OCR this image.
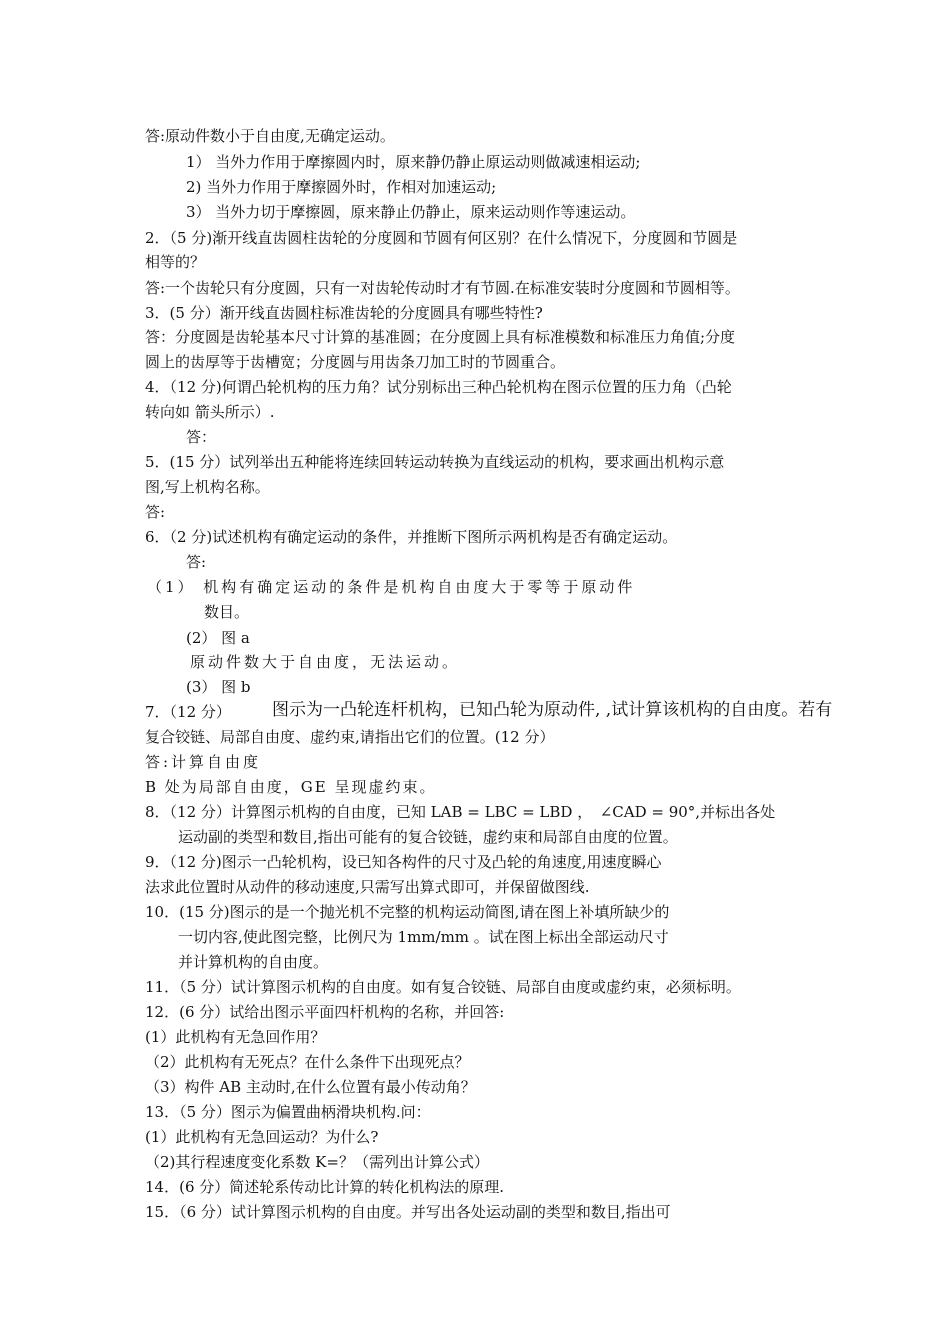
答:原动件数小于自由度,无确定运动。
1） 当外力作用于摩擦圆内时，原来静仍静止原运动则做减速相运动;
2) 当外力作用于摩擦圆外时，作相对加速运动;
3） 当外力切于摩擦圆，原来静止仍静止，原来运动则作等速运动。
2．（5 分)渐开线直齿圆柱齿轮的分度圆和节圆有何区别？在什么情况下，分度圆和节圆是
相等的？
答:一个齿轮只有分度圆，只有一对齿轮传动时才有节圆.在标准安装时分度圆和节圆相等。
3．(5 分）渐开线直齿圆柱标准齿轮的分度圆具有哪些特性?
答：分度圆是齿轮基本尺寸计算的基准圆；在分度圆上具有标准模数和标准压力角值;分度
圆上的齿厚等于齿槽宽；分度圆与用齿条刀加工时的节圆重合。
4．（12 分)何谓凸轮机构的压力角？试分别标出三种凸轮机构在图示位置的压力角（凸轮
转向如 箭头所示）.
答：
5．(15 分）试列举出五种能将连续回转运动转换为直线运动的机构，要求画出机构示意
图,写上机构名称。
答:
6．（2 分)试述机构有确定运动的条件，并推断下图所示两机构是否有确定运动。
答:
（1） 机构有确定运动的条件是机构自由度大于零等于原动件
数目。
(2） 图 a
原动件数大于自由度，无法运动。
(3） 图 b
7．（12 分） 图示为一凸轮连杆机构，已知凸轮为原动件, ,试计算该机构的自由度。若有
复合铰链、局部自由度、虚约束,请指出它们的位置。(12 分）
答:计算自由度
B 处为局部自由度，GE 呈现虚约束。
8．（12 分）计算图示机构的自由度，已知 LAB = LBC = LBD ，　∠CAD = 90°,并标出各处
运动副的类型和数目,指出可能有的复合铰链，虚约束和局部自由度的位置。
9．（12 分)图示一凸轮机构，设已知各构件的尺寸及凸轮的角速度,用速度瞬心
法求此位置时从动件的移动速度,只需写出算式即可，并保留做图线.
10．(15 分)图示的是一个抛光机不完整的机构运动简图,请在图上补填所缺少的
一切内容,使此图完整，比例尺为 1mm/mm 。试在图上标出全部运动尺寸
并计算机构的自由度。
11．（5 分）试计算图示机构的自由度。如有复合铰链、局部自由度或虚约束，必须标明。
12．(6 分）试给出图示平面四杆机构的名称，并回答:
(1）此机构有无急回作用？
（2）此机构有无死点？在什么条件下出现死点？
（3）构件 AB 主动时,在什么位置有最小传动角？
13．（5 分）图示为偏置曲柄滑块机构.问：
(1）此机构有无急回运动？为什么?
（2)其行程速度变化系数 K=？（需列出计算公式）
14．(6 分）简述轮系传动比计算的转化机构法的原理.
15．（6 分）试计算图示机构的自由度。并写出各处运动副的类型和数目,指出可
